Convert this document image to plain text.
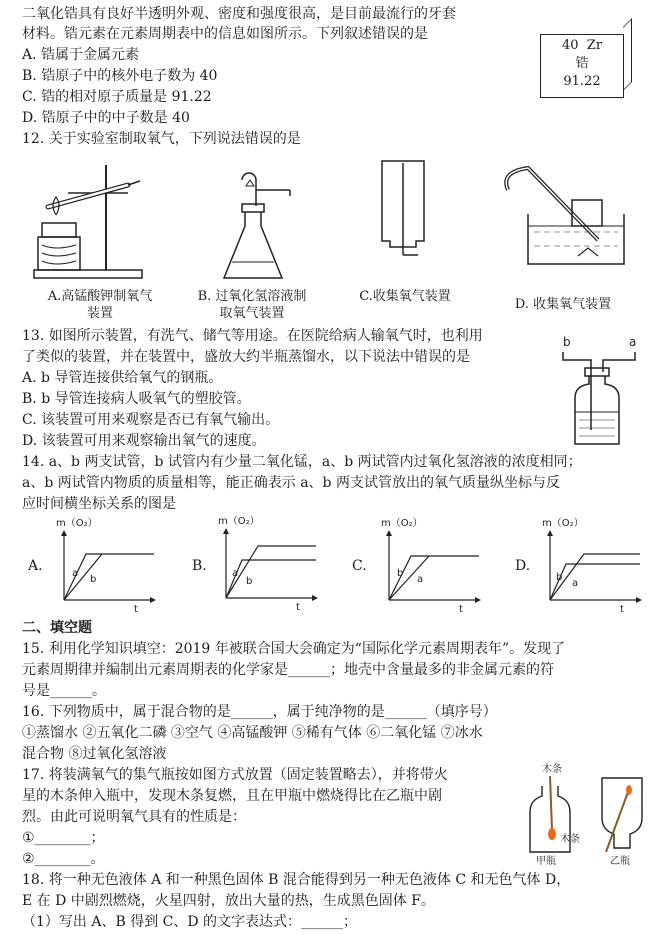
二氧化锆具有良好半透明外观、密度和强度很高，是目前最流行的牙套
材料。锆元素在元素周期表中的信息如图所示。下列叙述错误的是
A. 锆属于金属元素
B. 锆原子中的核外电子数为 40
C. 锆的相对原子质量是 91.22
D. 锆原子中的中子数是 40
40 Zr
锆
91.22
12. 关于实验室制取氧气，下列说法错误的是
A.高锰酸钾制氧气
装置
B. 过氧化氢溶液制
取氧气装置
C.收集氧气装置
D. 收集氧气装置
13. 如图所示装置，有洗气、储气等用途。在医院给病人输氧气时，也利用
了类似的装置，并在装置中，盛放大约半瓶蒸馏水，以下说法中错误的是
A. b 导管连接供给氧气的钢瓶。
B. b 导管连接病人吸氧气的塑胶管。
C. 该装置可用来观察是否已有氧气输出。
D. 该装置可用来观察输出氧气的速度。
b	a
14. a、b 两支试管，b 试管内有少量二氧化锰，a、b 两试管内过氧化氢溶液的浓度相同；
a、b 两试管内物质的质量相等，能正确表示 a、b 两支试管放出的氧气质量纵坐标与反
应时间横坐标关系的图是
A.	B.	C.	D.
m（O₂）
a
b
t
m（O₂）
a
b
t
m（O₂）
b
a
t
m（O₂）
b
a
t
二、填空题
15. 利用化学知识填空：2019 年被联合国大会确定为“国际化学元素周期表年”。发现了
元素周期律并编制出元素周期表的化学家是______；地壳中含量最多的非金属元素的符
号是______。
16. 下列物质中，属于混合物的是______，属于纯净物的是______（填序号）
①蒸馏水 ②五氧化二磷 ③空气 ④高锰酸钾 ⑤稀有气体 ⑥二氧化锰 ⑦冰水
混合物 ⑧过氧化氢溶液
17. 将装满氧气的集气瓶按如图方式放置（固定装置略去），并将带火
星的木条伸入瓶中，发现木条复燃，且在甲瓶中燃烧得比在乙瓶中剧
烈。由此可说明氧气具有的性质是：
①________；
②________。
木条
木条
甲瓶	乙瓶
18. 将一种无色液体 A 和一种黑色固体 B 混合能得到另一种无色液体 C 和无色气体 D，
E 在 D 中剧烈燃烧，火星四射，放出大量的热，生成黑色固体 F。
（1）写出 A、B 得到 C、D 的文字表达式：______；
